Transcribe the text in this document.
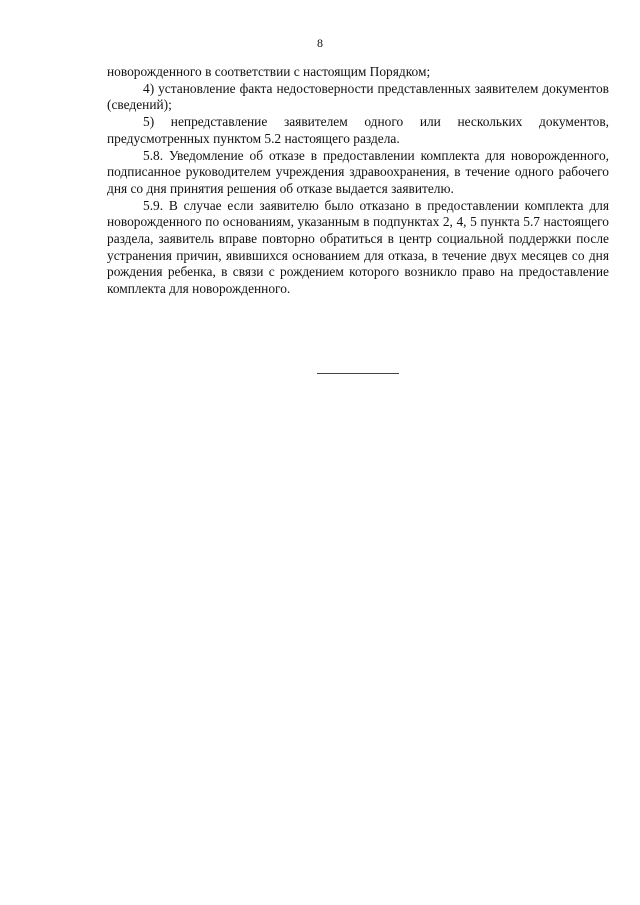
8

новорожденного в соответствии с настоящим Порядком;

4) установление факта недостоверности представленных заявителем документов (сведений);

5) непредставление заявителем одного или нескольких документов, предусмотренных пунктом 5.2 настоящего раздела.

5.8. Уведомление об отказе в предоставлении комплекта для новорожденного, подписанное руководителем учреждения здравоохранения, в течение одного рабочего дня со дня принятия решения об отказе выдается заявителю.

5.9. В случае если заявителю было отказано в предоставлении комплекта для новорожденного по основаниям, указанным в подпунктах 2, 4, 5 пункта 5.7 настоящего раздела, заявитель вправе повторно обратиться в центр социальной поддержки после устранения причин, явившихся основанием для отказа, в течение двух месяцев со дня рождения ребенка, в связи с рождением которого возникло право на предоставление комплекта для новорожденного.
